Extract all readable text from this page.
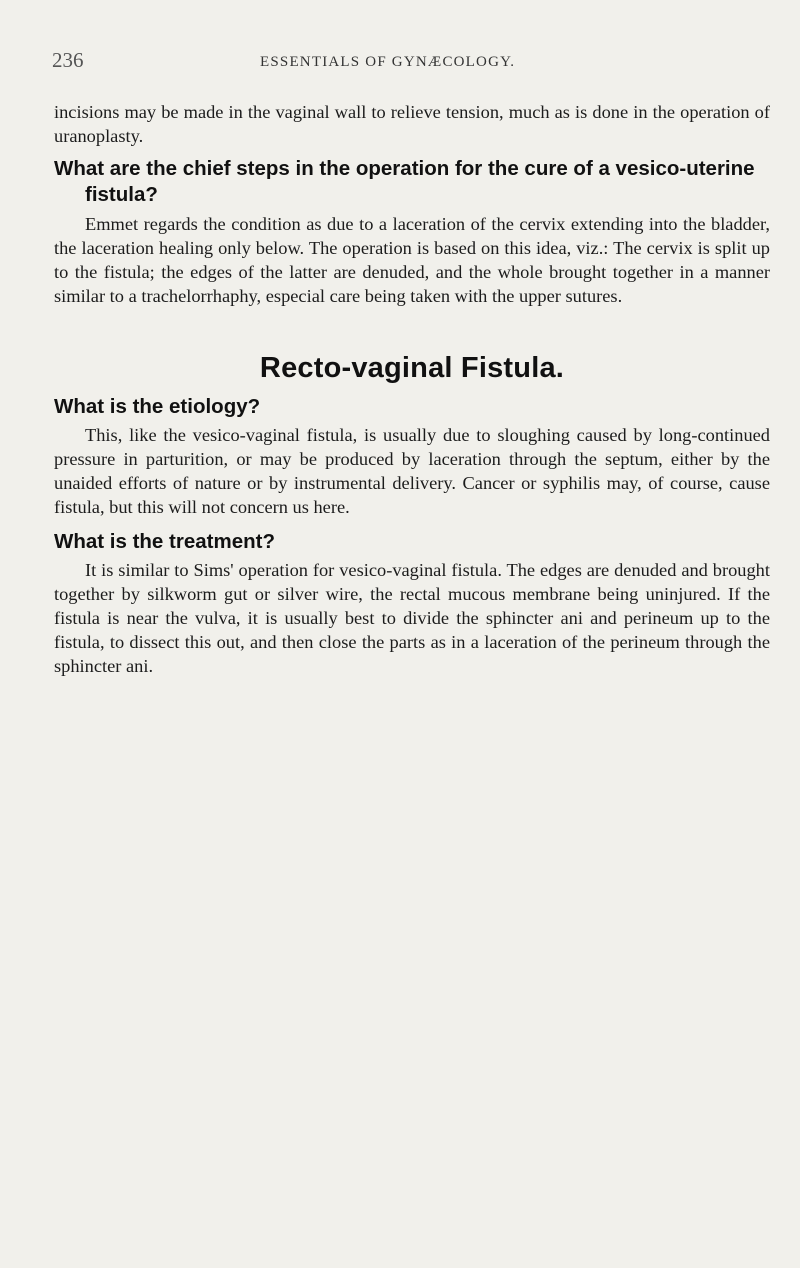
236	ESSENTIALS OF GYNÆCOLOGY.

incisions may be made in the vaginal wall to relieve tension, much as is done in the operation of uranoplasty.

What are the chief steps in the operation for the cure of a vesico-uterine fistula?

Emmet regards the condition as due to a laceration of the cervix extending into the bladder, the laceration healing only below. The operation is based on this idea, viz.: The cervix is split up to the fistula; the edges of the latter are denuded, and the whole brought together in a manner similar to a trachelorrhaphy, especial care being taken with the upper sutures.

Recto-vaginal Fistula.
What is the etiology?

This, like the vesico-vaginal fistula, is usually due to sloughing caused by long-continued pressure in parturition, or may be produced by laceration through the septum, either by the unaided efforts of nature or by instrumental delivery. Cancer or syphilis may, of course, cause fistula, but this will not concern us here.

What is the treatment?

It is similar to Sims' operation for vesico-vaginal fistula. The edges are denuded and brought together by silkworm gut or silver wire, the rectal mucous membrane being uninjured. If the fistula is near the vulva, it is usually best to divide the sphincter ani and perineum up to the fistula, to dissect this out, and then close the parts as in a laceration of the perineum through the sphincter ani.
